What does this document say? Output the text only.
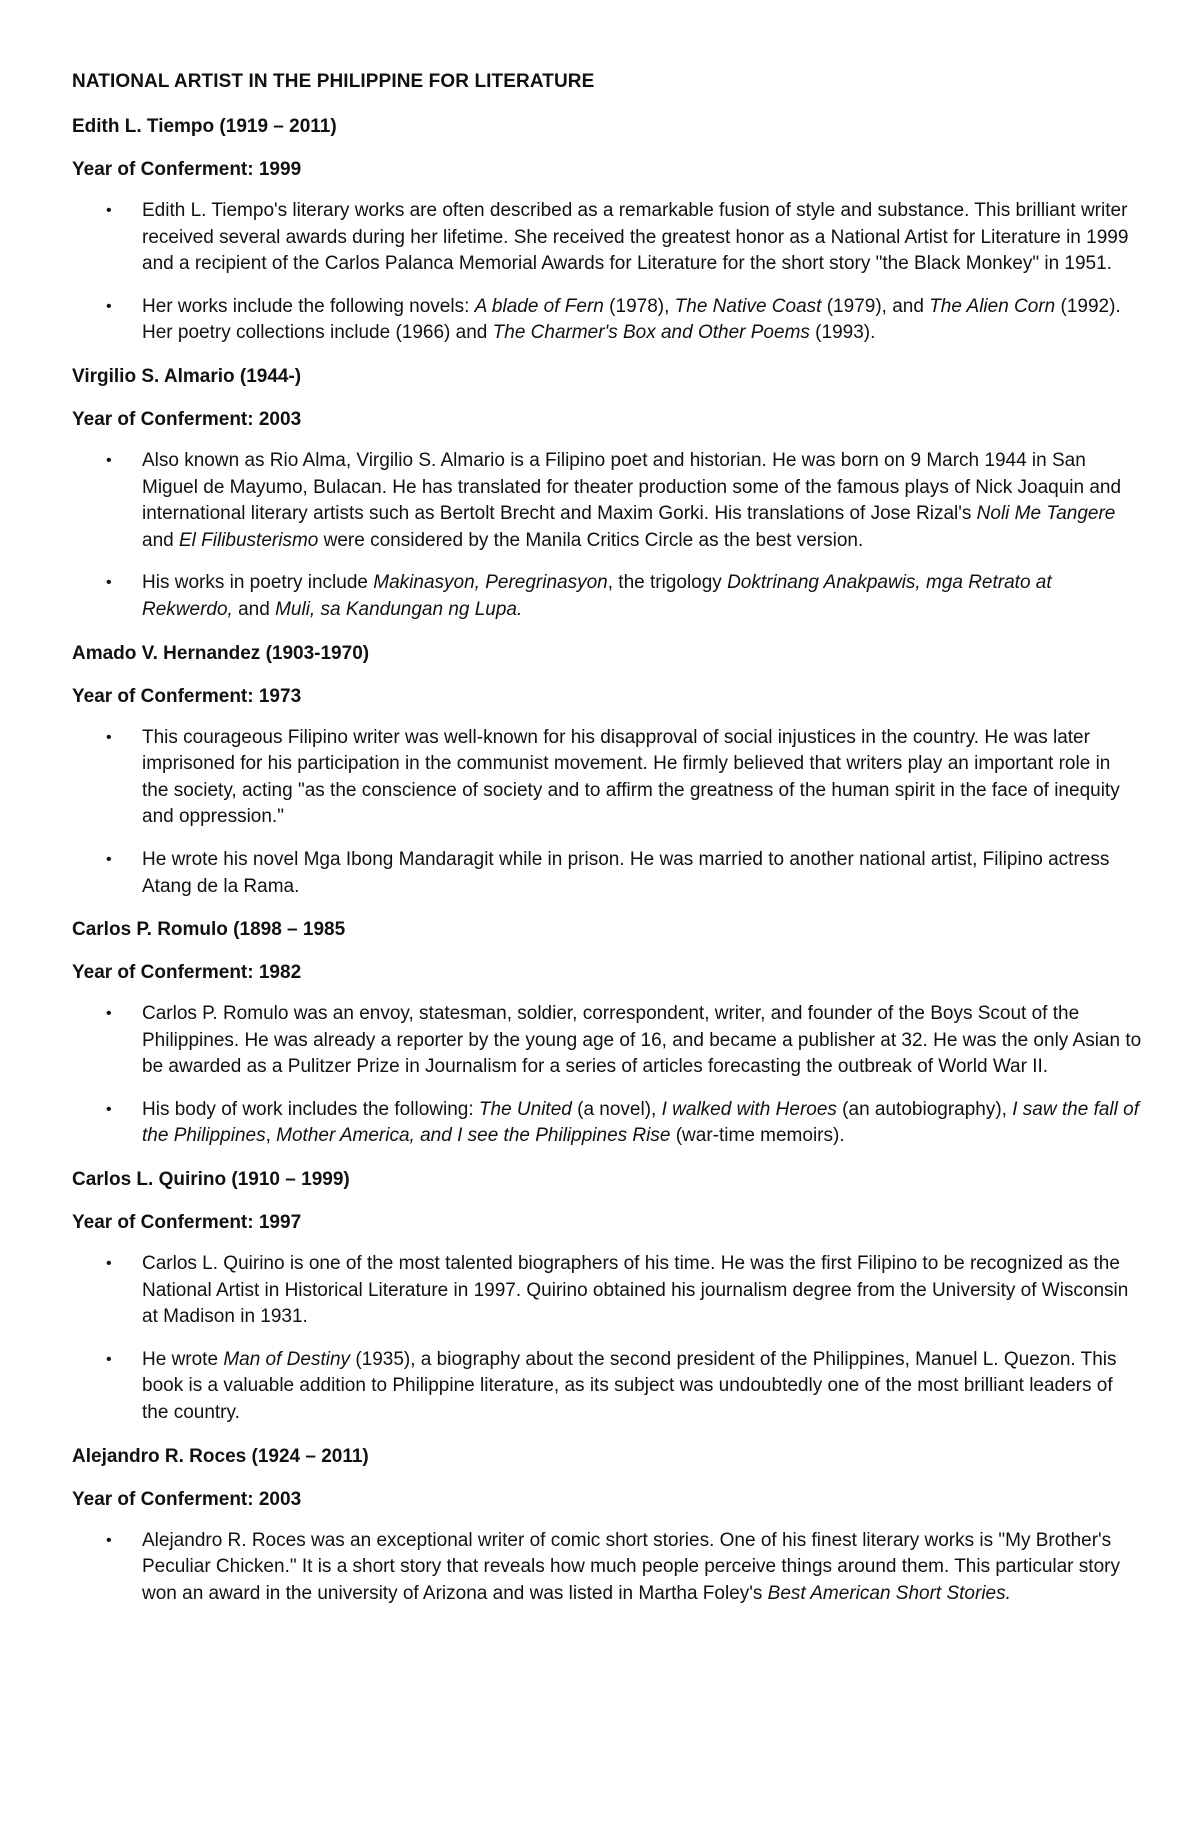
NATIONAL ARTIST IN THE PHILIPPINE FOR LITERATURE
Edith L. Tiempo (1919 – 2011)
Year of Conferment: 1999
• Edith L. Tiempo's literary works are often described as a remarkable fusion of style and substance. This brilliant writer received several awards during her lifetime. She received the greatest honor as a National Artist for Literature in 1999 and a recipient of the Carlos Palanca Memorial Awards for Literature for the short story "the Black Monkey" in 1951.
• Her works include the following novels: A blade of Fern (1978), The Native Coast (1979), and The Alien Corn (1992). Her poetry collections include (1966) and The Charmer's Box and Other Poems (1993).
Virgilio S. Almario (1944-)
Year of Conferment: 2003
• Also known as Rio Alma, Virgilio S. Almario is a Filipino poet and historian. He was born on 9 March 1944 in San Miguel de Mayumo, Bulacan. He has translated for theater production some of the famous plays of Nick Joaquin and international literary artists such as Bertolt Brecht and Maxim Gorki. His translations of Jose Rizal's Noli Me Tangere and El Filibusterismo were considered by the Manila Critics Circle as the best version.
• His works in poetry include Makinasyon, Peregrinasyon, the trigology Doktrinang Anakpawis, mga Retrato at Rekwerdo, and Muli, sa Kandungan ng Lupa.
Amado V. Hernandez (1903-1970)
Year of Conferment: 1973
• This courageous Filipino writer was well-known for his disapproval of social injustices in the country. He was later imprisoned for his participation in the communist movement. He firmly believed that writers play an important role in the society, acting "as the conscience of society and to affirm the greatness of the human spirit in the face of inequity and oppression."
• He wrote his novel Mga Ibong Mandaragit while in prison. He was married to another national artist, Filipino actress Atang de la Rama.
Carlos P. Romulo (1898 – 1985
Year of Conferment: 1982
• Carlos P. Romulo was an envoy, statesman, soldier, correspondent, writer, and founder of the Boys Scout of the Philippines. He was already a reporter by the young age of 16, and became a publisher at 32. He was the only Asian to be awarded as a Pulitzer Prize in Journalism for a series of articles forecasting the outbreak of World War II.
• His body of work includes the following: The United (a novel), I walked with Heroes (an autobiography), I saw the fall of the Philippines, Mother America, and I see the Philippines Rise (war-time memoirs).
Carlos L. Quirino (1910 – 1999)
Year of Conferment: 1997
• Carlos L. Quirino is one of the most talented biographers of his time. He was the first Filipino to be recognized as the National Artist in Historical Literature in 1997. Quirino obtained his journalism degree from the University of Wisconsin at Madison in 1931.
• He wrote Man of Destiny (1935), a biography about the second president of the Philippines, Manuel L. Quezon. This book is a valuable addition to Philippine literature, as its subject was undoubtedly one of the most brilliant leaders of the country.
Alejandro R. Roces (1924 – 2011)
Year of Conferment: 2003
• Alejandro R. Roces was an exceptional writer of comic short stories. One of his finest literary works is "My Brother's Peculiar Chicken." It is a short story that reveals how much people perceive things around them. This particular story won an award in the university of Arizona and was listed in Martha Foley's Best American Short Stories.
